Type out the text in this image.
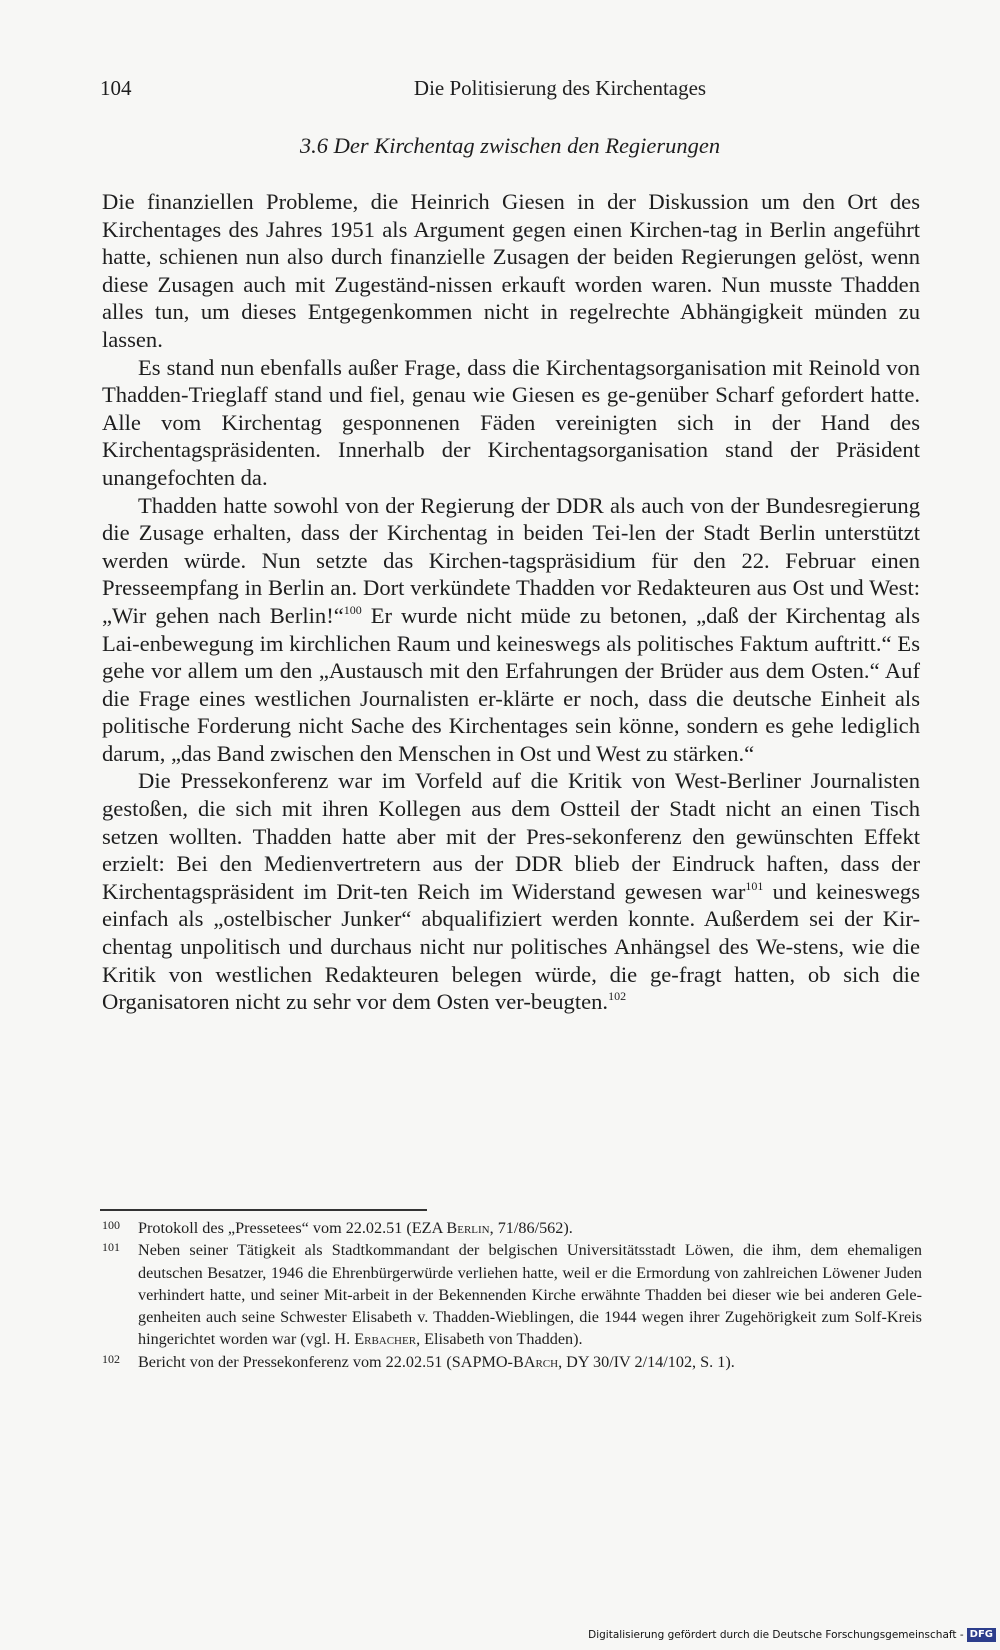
104	Die Politisierung des Kirchentages
3.6 Der Kirchentag zwischen den Regierungen

Die finanziellen Probleme, die Heinrich Giesen in der Diskussion um den Ort des Kirchentages des Jahres 1951 als Argument gegen einen Kirchen-tag in Berlin angeführt hatte, schienen nun also durch finanzielle Zusagen der beiden Regierungen gelöst, wenn diese Zusagen auch mit Zugeständ-nissen erkauft worden waren. Nun musste Thadden alles tun, um dieses Entgegenkommen nicht in regelrechte Abhängigkeit münden zu lassen.

Es stand nun ebenfalls außer Frage, dass die Kirchentagsorganisation mit Reinold von Thadden-Trieglaff stand und fiel, genau wie Giesen es ge-genüber Scharf gefordert hatte. Alle vom Kirchentag gesponnenen Fäden vereinigten sich in der Hand des Kirchentagspräsidenten. Innerhalb der Kirchentagsorganisation stand der Präsident unangefochten da.

Thadden hatte sowohl von der Regierung der DDR als auch von der Bundesregierung die Zusage erhalten, dass der Kirchentag in beiden Tei-len der Stadt Berlin unterstützt werden würde. Nun setzte das Kirchen-tagspräsidium für den 22. Februar einen Presseempfang in Berlin an. Dort verkündete Thadden vor Redakteuren aus Ost und West: „Wir gehen nach Berlin!“$^{100}$ Er wurde nicht müde zu betonen, „daß der Kirchentag als Lai-enbewegung im kirchlichen Raum und keineswegs als politisches Faktum auftritt.“ Es gehe vor allem um den „Austausch mit den Erfahrungen der Brüder aus dem Osten.“ Auf die Frage eines westlichen Journalisten er-klärte er noch, dass die deutsche Einheit als politische Forderung nicht Sache des Kirchentages sein könne, sondern es gehe lediglich darum, „das Band zwischen den Menschen in Ost und West zu stärken.“

Die Pressekonferenz war im Vorfeld auf die Kritik von West-Berliner Journalisten gestoßen, die sich mit ihren Kollegen aus dem Ostteil der Stadt nicht an einen Tisch setzen wollten. Thadden hatte aber mit der Pres-sekonferenz den gewünschten Effekt erzielt: Bei den Medienvertretern aus der DDR blieb der Eindruck haften, dass der Kirchentagspräsident im Drit-ten Reich im Widerstand gewesen war$^{101}$ und keineswegs einfach als „ostelbischer Junker“ abqualifiziert werden konnte. Außerdem sei der Kir-chentag unpolitisch und durchaus nicht nur politisches Anhängsel des We-stens, wie die Kritik von westlichen Redakteuren belegen würde, die ge-fragt hatten, ob sich die Organisatoren nicht zu sehr vor dem Osten ver-beugten.$^{102}$

100 Protokoll des „Pressetees“ vom 22.02.51 (EZA Berlin, 71/86/562).
101 Neben seiner Tätigkeit als Stadtkommandant der belgischen Universitätsstadt Löwen, die ihm, dem ehemaligen deutschen Besatzer, 1946 die Ehrenbürgerwürde verliehen hatte, weil er die Ermordung von zahlreichen Löwener Juden verhindert hatte, und seiner Mit-arbeit in der Bekennenden Kirche erwähnte Thadden bei dieser wie bei anderen Gele-genheiten auch seine Schwester Elisabeth v. Thadden-Wieblingen, die 1944 wegen ihrer Zugehörigkeit zum Solf-Kreis hingerichtet worden war (vgl. H. Erbacher, Elisabeth von Thadden).
102 Bericht von der Pressekonferenz vom 22.02.51 (SAPMO-BArch, DY 30/IV 2/14/102, S. 1).
Digitalisierung gefördert durch die Deutsche Forschungsgemeinschaft - DFG
